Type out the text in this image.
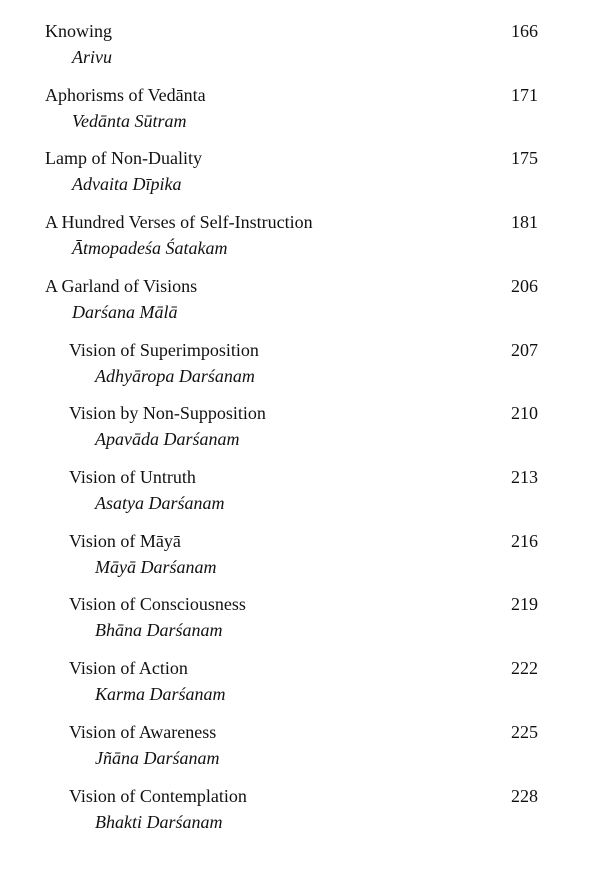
Knowing
Arivu
166
Aphorisms of Vedānta
Vedānta Sūtram
171
Lamp of Non-Duality
Advaita Dīpika
175
A Hundred Verses of Self-Instruction
Ātmopadeśa Śatakam
181
A Garland of Visions
Darśana Mālā
206
Vision of Superimposition
Adhyāropa Darśanam
207
Vision by Non-Supposition
Apavāda Darśanam
210
Vision of Untruth
Asatya Darśanam
213
Vision of Māyā
Māyā Darśanam
216
Vision of Consciousness
Bhāna Darśanam
219
Vision of Action
Karma Darśanam
222
Vision of Awareness
Jñāna Darśanam
225
Vision of Contemplation
Bhakti Darśanam
228
